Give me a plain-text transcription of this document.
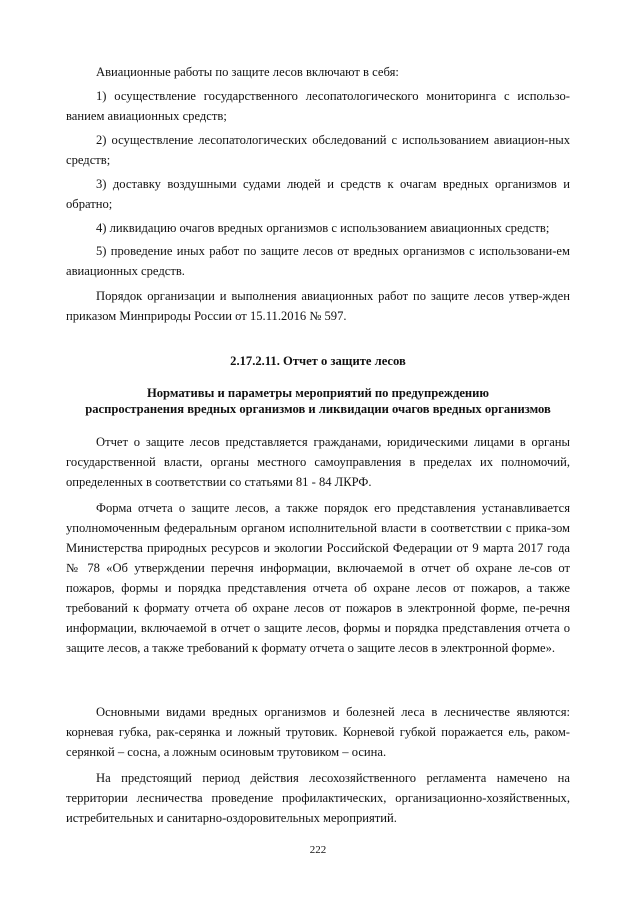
Авиационные работы по защите лесов включают в себя:

1) осуществление государственного лесопатологического мониторинга с использо-ванием авиационных средств;

2) осуществление лесопатологических обследований с использованием авиацион-ных средств;

3) доставку воздушными судами людей и средств к очагам вредных организмов и обратно;

4) ликвидацию очагов вредных организмов с использованием авиационных средств;

5) проведение иных работ по защите лесов от вредных организмов с использовани-ем авиационных средств.

Порядок организации и выполнения авиационных работ по защите лесов утвер-жден приказом Минприроды России от 15.11.2016 № 597.

2.17.2.11. Отчет о защите лесов

Нормативы и параметры мероприятий по предупреждению

распространения вредных организмов и ликвидации очагов вредных организмов

Отчет о защите лесов представляется гражданами, юридическими лицами в органы государственной власти, органы местного самоуправления в пределах их полномочий, определенных в соответствии со статьями 81 - 84 ЛКРФ.

Форма отчета о защите лесов, а также порядок его представления устанавливается уполномоченным федеральным органом исполнительной власти в соответствии с прика-зом Министерства природных ресурсов и экологии Российской Федерации от 9 марта 2017 года № 78 «Об утверждении перечня информации, включаемой в отчет об охране ле-сов от пожаров, формы и порядка представления отчета об охране лесов от пожаров, а также требований к формату отчета об охране лесов от пожаров в электронной форме, пе-речня информации, включаемой в отчет о защите лесов, формы и порядка представления отчета о защите лесов, а также требований к формату отчета о защите лесов в электронной форме».

Основными видами вредных организмов и болезней леса в лесничестве являются: корневая губка, рак-серянка и ложный трутовик. Корневой губкой поражается ель, раком-серянкой – сосна, а ложным осиновым трутовиком – осина.

На предстоящий период действия лесохозяйственного регламента намечено на территории лесничества проведение профилактических, организационно-хозяйственных, истребительных и санитарно-оздоровительных мероприятий.

222
